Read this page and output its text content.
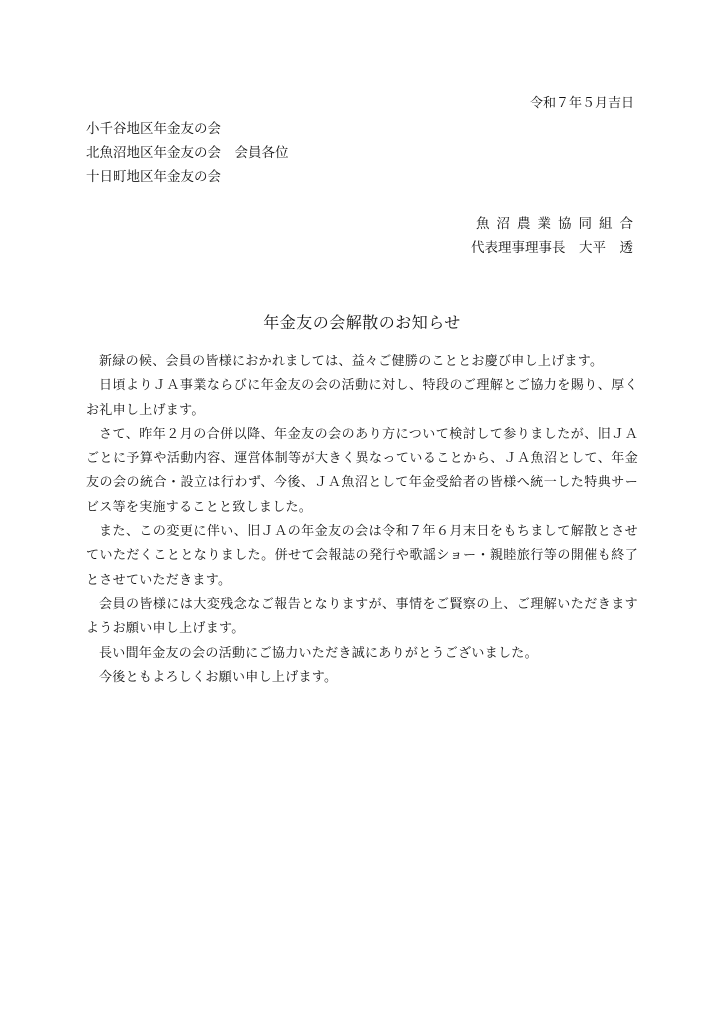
令和７年５月吉日
小千谷地区年金友の会
北魚沼地区年金友の会　会員各位
十日町地区年金友の会
魚沼農業協同組合
代表理事理事長　大平　透
年金友の会解散のお知らせ

新緑の候、会員の皆様におかれましては、益々ご健勝のこととお慶び申し上げます。

日頃よりＪＡ事業ならびに年金友の会の活動に対し、特段のご理解とご協力を賜り、厚くお礼申し上げます。

さて、昨年２月の合併以降、年金友の会のあり方について検討して参りましたが、旧ＪＡごとに予算や活動内容、運営体制等が大きく異なっていることから、ＪＡ魚沼として、年金友の会の統合・設立は行わず、今後、ＪＡ魚沼として年金受給者の皆様へ統一した特典サービス等を実施することと致しました。

また、この変更に伴い、旧ＪＡの年金友の会は令和７年６月末日をもちまして解散とさせていただくこととなりました。併せて会報誌の発行や歌謡ショー・親睦旅行等の開催も終了とさせていただきます。

会員の皆様には大変残念なご報告となりますが、事情をご賢察の上、ご理解いただきますようお願い申し上げます。

長い間年金友の会の活動にご協力いただき誠にありがとうございました。

今後ともよろしくお願い申し上げます。
